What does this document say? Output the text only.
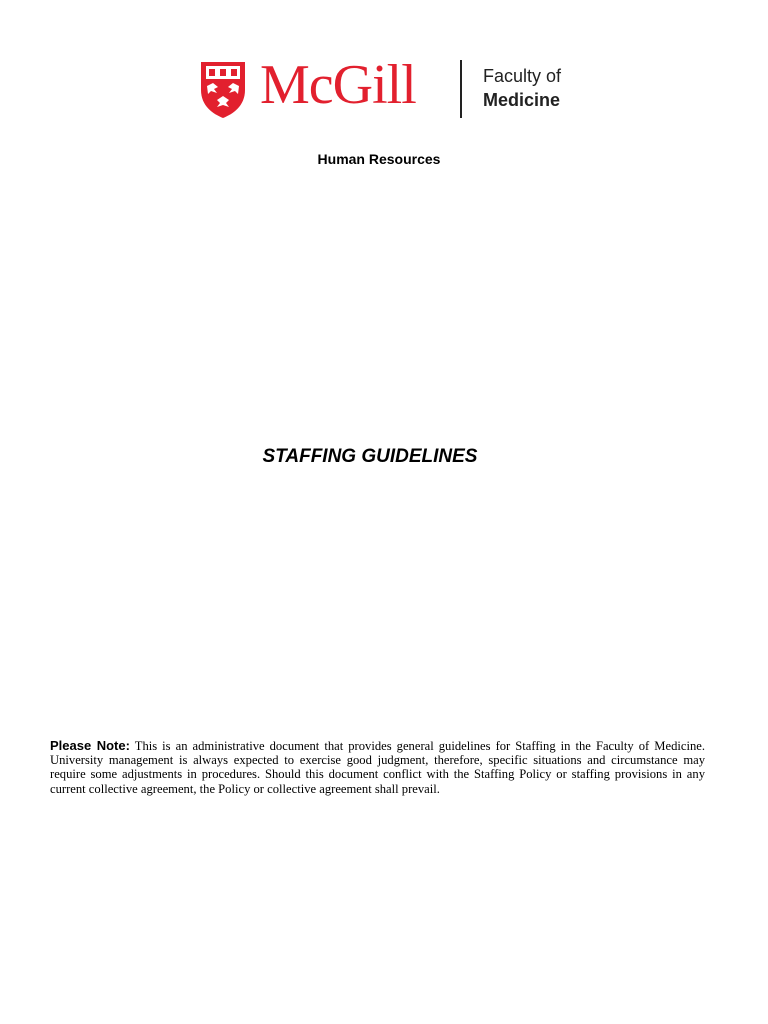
McGill	Faculty of
Medicine
Human Resources
STAFFING GUIDELINES
Please Note: This is an administrative document that provides general guidelines for Staffing in the Faculty of Medicine. University management is always expected to exercise good judgment, therefore, specific situations and circumstance may require some adjustments in procedures. Should this document conflict with the Staffing Policy or staffing provisions in any current collective agreement, the Policy or collective agreement shall prevail.
